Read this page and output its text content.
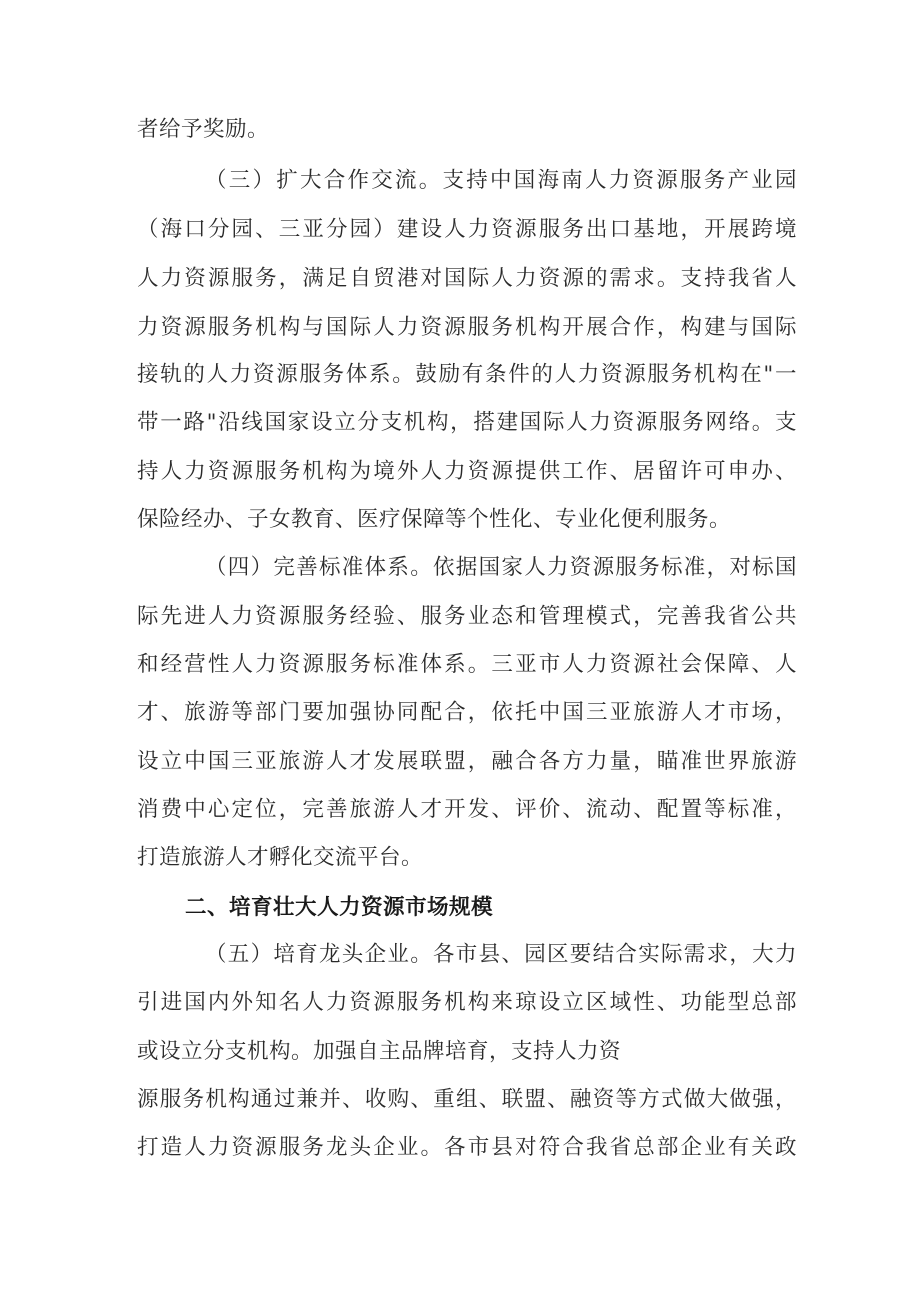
者给予奖励。
（三）扩大合作交流。支持中国海南人力资源服务产业园
（海口分园、三亚分园）建设人力资源服务出口基地，开展跨境
人力资源服务，满足自贸港对国际人力资源的需求。支持我省人
力资源服务机构与国际人力资源服务机构开展合作，构建与国际
接轨的人力资源服务体系。鼓励有条件的人力资源服务机构在"一
带一路"沿线国家设立分支机构，搭建国际人力资源服务网络。支
持人力资源服务机构为境外人力资源提供工作、居留许可申办、
保险经办、子女教育、医疗保障等个性化、专业化便利服务。
（四）完善标准体系。依据国家人力资源服务标准，对标国
际先进人力资源服务经验、服务业态和管理模式，完善我省公共
和经营性人力资源服务标准体系。三亚市人力资源社会保障、人
才、旅游等部门要加强协同配合，依托中国三亚旅游人才市场，
设立中国三亚旅游人才发展联盟，融合各方力量，瞄准世界旅游
消费中心定位，完善旅游人才开发、评价、流动、配置等标准，
打造旅游人才孵化交流平台。
二、培育壮大人力资源市场规模
（五）培育龙头企业。各市县、园区要结合实际需求，大力
引进国内外知名人力资源服务机构来琼设立区域性、功能型总部
或设立分支机构。加强自主品牌培育，支持人力资
源服务机构通过兼并、收购、重组、联盟、融资等方式做大做强，
打造人力资源服务龙头企业。各市县对符合我省总部企业有关政
